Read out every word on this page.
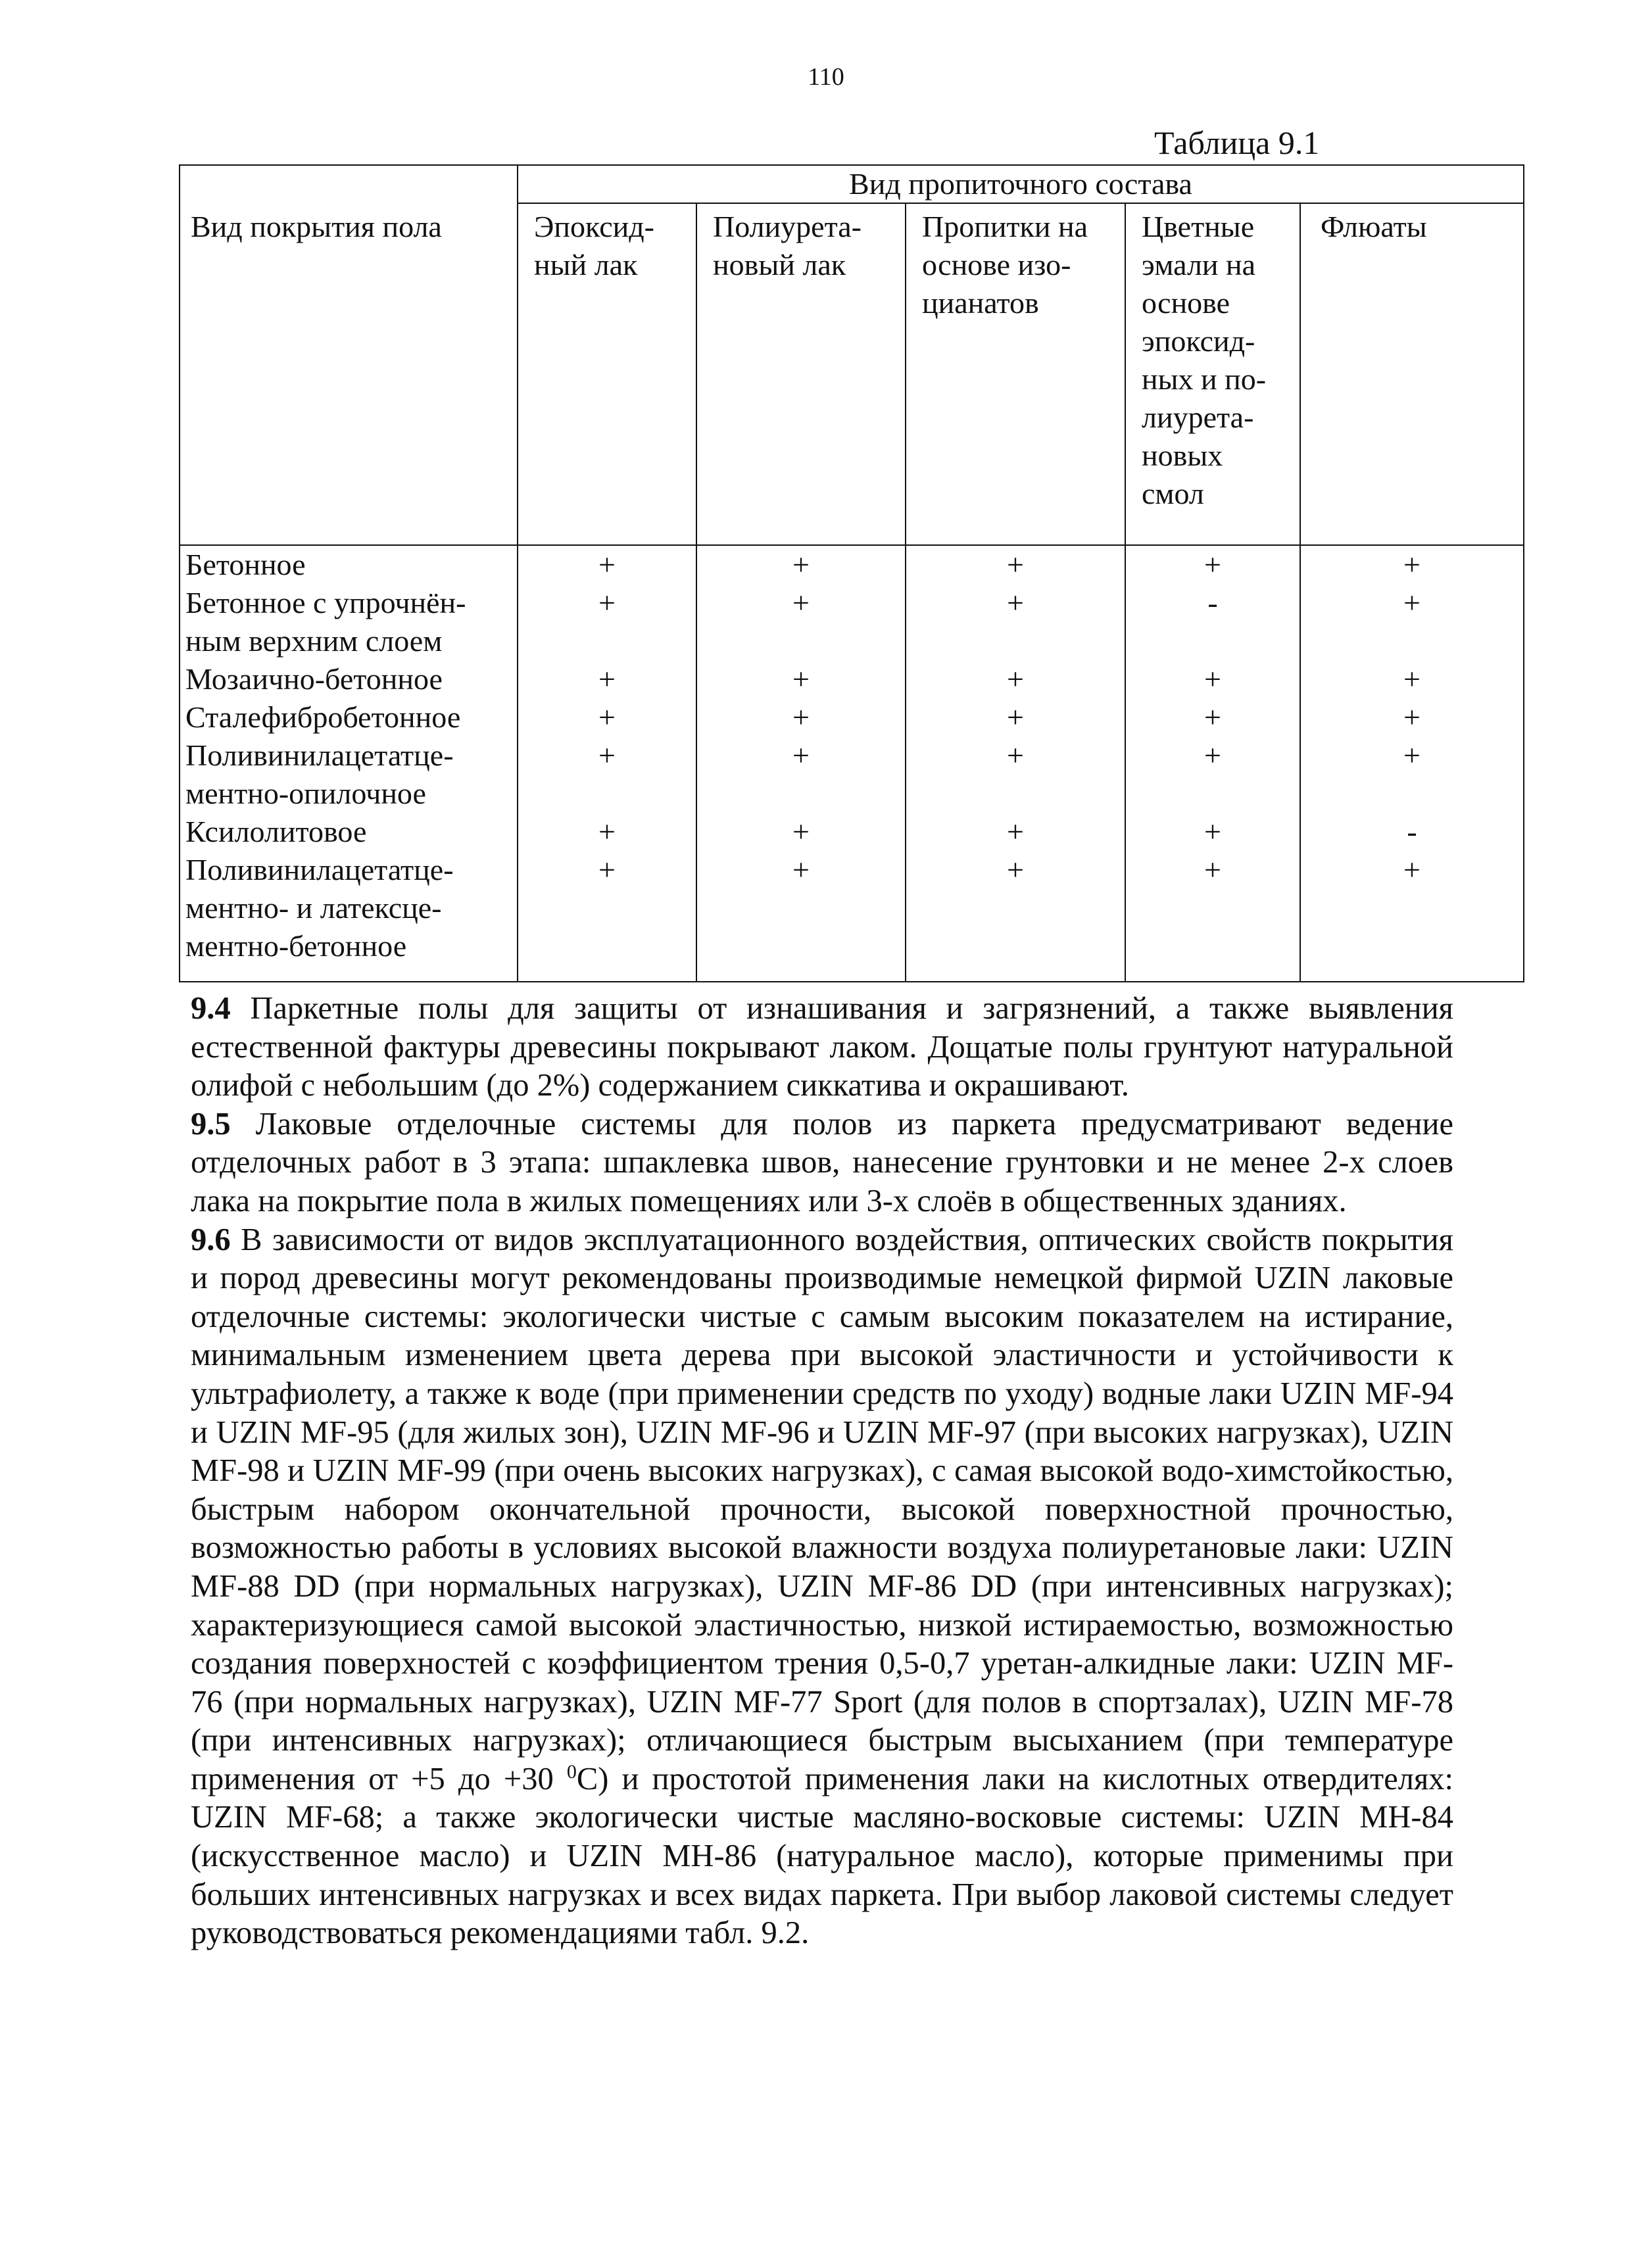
110
Таблица 9.1
Вид покрытия пола	Вид пропиточного состава				
	Эпоксид- ный лак	Полиурета- новый лак	Пропитки на основе изо- цианатов	Цветные эмали на основе эпоксид- ных и по- лиурета- новых смол	Флюаты
Бетонное	+	+	+	+	+
Бетонное с упрочнён- ным верхним слоем	+	+	+	-	+
Мозаично-бетонное	+	+	+	+	+
Сталефибробетонное	+	+	+	+	+
Поливинилацетатце- ментно-опилочное	+	+	+	+	+
Ксилолитовое	+	+	+	+	-
Поливинилацетатце- ментно- и латексце- ментно-бетонное	+	+	+	+	+

9.4 Паркетные полы для защиты от изнашивания и загрязнений, а также выявления естественной фактуры древесины покрывают лаком. Дощатые полы грунтуют натуральной олифой с небольшим (до 2%) содержанием сиккатива и окрашивают.

9.5 Лаковые отделочные системы для полов из паркета предусматривают ведение отделочных работ в 3 этапа: шпаклевка швов, нанесение грунтовки и не менее 2-х слоев лака на покрытие пола в жилых помещениях или 3-х слоёв в общественных зданиях.

9.6 В зависимости от видов эксплуатационного воздействия, оптических свойств покрытия и пород древесины могут рекомендованы производимые немецкой фирмой UZIN лаковые отделочные системы: экологически чистые с самым высоким показателем на истирание, минимальным изменением цвета дерева при высокой эластичности и устойчивости к ультрафиолету, а также к воде (при применении средств по уходу) водные лаки UZIN MF-94 и UZIN MF-95 (для жилых зон), UZIN MF-96 и UZIN MF-97 (при высоких нагрузках), UZIN MF-98 и UZIN MF-99 (при очень высоких нагрузках), с самая высокой водо-химстойкостью, быстрым набором окончательной прочности, высокой поверхностной прочностью, возможностью работы в условиях высокой влажности воздуха полиуретановые лаки: UZIN MF-88 DD (при нормальных нагрузках), UZIN MF-86 DD (при интенсивных нагрузках); характеризующиеся самой высокой эластичностью, низкой истираемостью, возможностью создания поверхностей с коэффициентом трения 0,5-0,7 уретан-алкидные лаки: UZIN MF-76 (при нормальных нагрузках), UZIN MF-77 Sport (для полов в спортзалах), UZIN MF-78 (при интенсивных нагрузках); отличающиеся быстрым высыханием (при температуре применения от +5 до +30 $^0$С) и простотой применения лаки на кислотных отвердителях: UZIN MF-68; а также экологически чистые масляно-восковые системы: UZIN MH-84 (искусственное масло) и UZIN MH-86 (натуральное масло), которые применимы при больших интенсивных нагрузках и всех видах паркета. При выбор лаковой системы следует руководствоваться рекомендациями табл. 9.2.
